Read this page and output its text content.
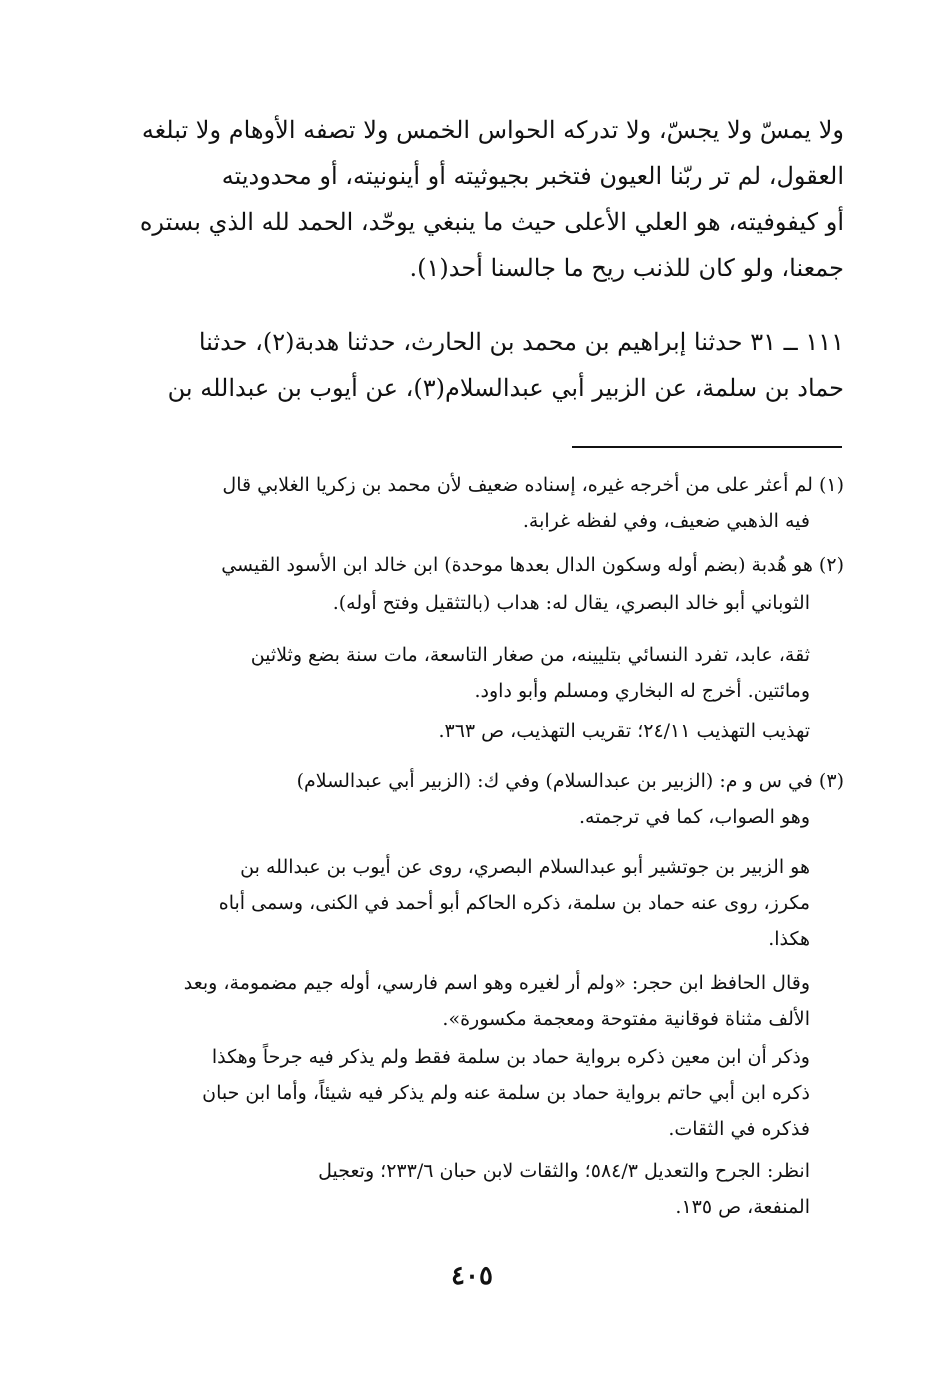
ولا يمسّ ولا يجسّ، ولا تدركه الحواس الخمس ولا تصفه الأوهام ولا تبلغه
العقول، لم تر ربّنا العيون فتخبر بجيوثيته أو أينونيته، أو محدوديته
أو كيفوفيته، هو العلي الأعلى حيث ما ينبغي يوحّد، الحمد لله الذي بستره
جمعنا، ولو كان للذنب ريح ما جالسنا أحد(١).
١١١ ــ ٣١ حدثنا إبراهيم بن محمد بن الحارث، حدثنا هدبة(٢)، حدثنا
حماد بن سلمة، عن الزبير أبي عبدالسلام(٣)، عن أيوب بن عبدالله بن
(١) لم أعثر على من أخرجه غيره، إسناده ضعيف لأن محمد بن زكريا الغلابي قال
فيه الذهبي ضعيف، وفي لفظه غرابة.
(٢) هو هُدبة (بضم أوله وسكون الدال بعدها موحدة) ابن خالد ابن الأسود القيسي
الثوباني أبو خالد البصري، يقال له: هداب (بالتثقيل وفتح أوله).
ثقة، عابد، تفرد النسائي بتليينه، من صغار التاسعة، مات سنة بضع وثلاثين
ومائتين. أخرج له البخاري ومسلم وأبو داود.
تهذيب التهذيب ٢٤/١١؛ تقريب التهذيب، ص ٣٦٣.
(٣) في س و م: (الزبير بن عبدالسلام) وفي ك: (الزبير أبي عبدالسلام)
وهو الصواب، كما في ترجمته.
هو الزبير بن جوتشير أبو عبدالسلام البصري، روى عن أيوب بن عبدالله بن
مكرز، روى عنه حماد بن سلمة، ذكره الحاكم أبو أحمد في الكنى، وسمى أباه
هكذا.
وقال الحافظ ابن حجر: «ولم أر لغيره وهو اسم فارسي، أوله جيم مضمومة، وبعد
الألف مثناة فوقانية مفتوحة ومعجمة مكسورة».
وذكر أن ابن معين ذكره برواية حماد بن سلمة فقط ولم يذكر فيه جرحاً وهكذا
ذكره ابن أبي حاتم برواية حماد بن سلمة عنه ولم يذكر فيه شيئاً، وأما ابن حبان
فذكره في الثقات.
انظر: الجرح والتعديل ٥٨٤/٣؛ والثقات لابن حبان ٢٣٣/٦؛ وتعجيل
المنفعة، ص ١٣٥.
٤٠٥
